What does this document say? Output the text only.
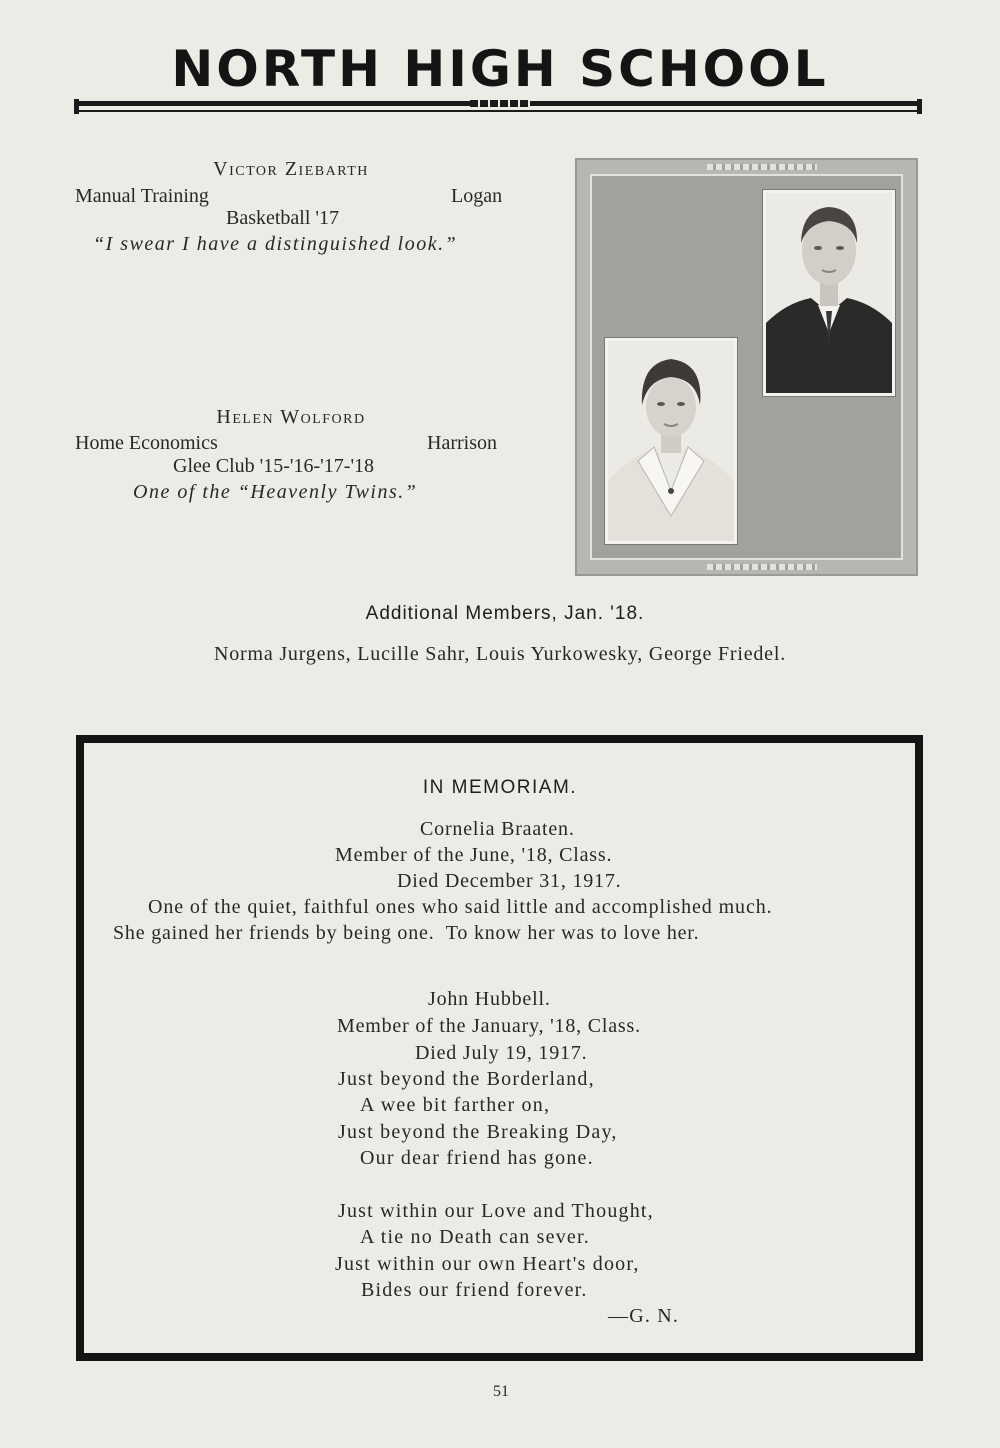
NORTH HIGH SCHOOL
Victor Ziebarth
Manual Training	Logan
Basketball '17
“I swear I have a distinguished look.”
Helen Wolford
Home Economics	Harrison
Glee Club '15-'16-'17-'18
One of the “Heavenly Twins.”
Additional Members, Jan. '18.
Norma Jurgens, Lucille Sahr, Louis Yurkowesky, George Friedel.
IN MEMORIAM.
Cornelia Braaten.
Member of the June, '18, Class.
Died December 31, 1917.
One of the quiet, faithful ones who said little and accomplished much.
She gained her friends by being one.  To know her was to love her.
John Hubbell.
Member of the January, '18, Class.
Died July 19, 1917.
Just beyond the Borderland,
A wee bit farther on,
Just beyond the Breaking Day,
Our dear friend has gone.
Just within our Love and Thought,
A tie no Death can sever.
Just within our own Heart's door,
Bides our friend forever.
—G. N.
51
